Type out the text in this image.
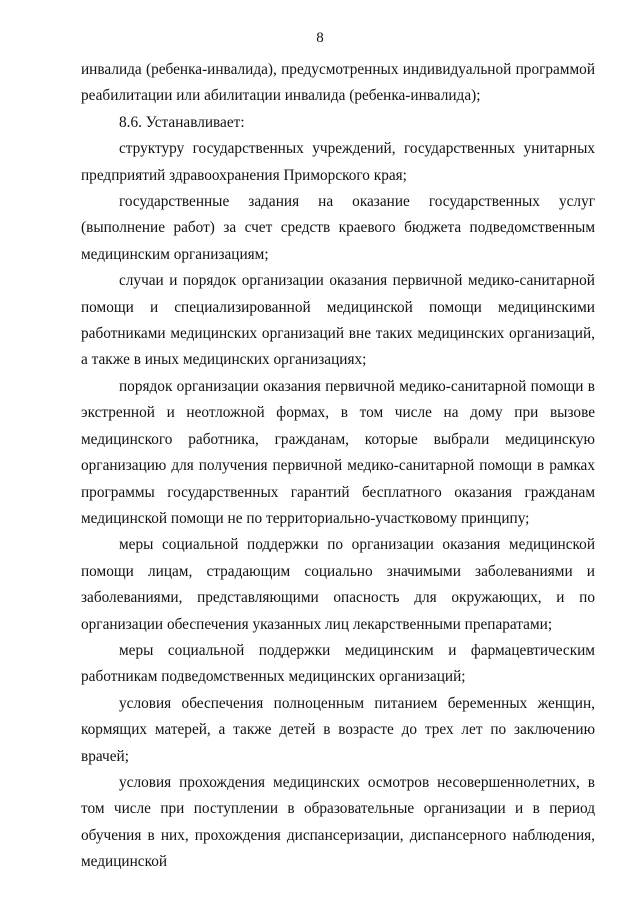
8

инвалида (ребенка-инвалида), предусмотренных индивидуальной программой реабилитации или абилитации инвалида (ребенка-инвалида);

8.6. Устанавливает:

структуру государственных учреждений, государственных унитарных предприятий здравоохранения Приморского края;

государственные задания на оказание государственных услуг (выполнение работ) за счет средств краевого бюджета подведомственным медицинским организациям;

случаи и порядок организации оказания первичной медико-санитарной помощи и специализированной медицинской помощи медицинскими работниками медицинских организаций вне таких медицинских организаций, а также в иных медицинских организациях;

порядок организации оказания первичной медико-санитарной помощи в экстренной и неотложной формах, в том числе на дому при вызове медицинского работника, гражданам, которые выбрали медицинскую организацию для получения первичной медико-санитарной помощи в рамках программы государственных гарантий бесплатного оказания гражданам медицинской помощи не по территориально-участковому принципу;

меры социальной поддержки по организации оказания медицинской помощи лицам, страдающим социально значимыми заболеваниями и заболеваниями, представляющими опасность для окружающих, и по организации обеспечения указанных лиц лекарственными препаратами;

меры социальной поддержки медицинским и фармацевтическим работникам подведомственных медицинских организаций;

условия обеспечения полноценным питанием беременных женщин, кормящих матерей, а также детей в возрасте до трех лет по заключению врачей;

условия прохождения медицинских осмотров несовершеннолетних, в том числе при поступлении в образовательные организации и в период обучения в них, прохождения диспансеризации, диспансерного наблюдения, медицинской
